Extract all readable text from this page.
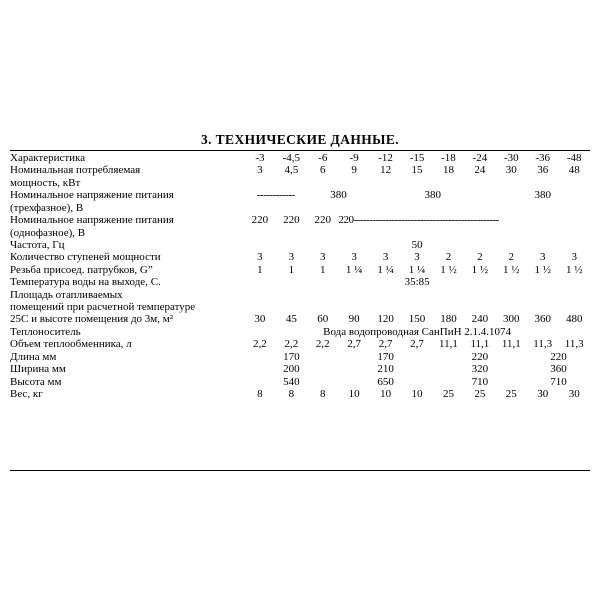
3. ТЕХНИЧЕСКИЕ ДАННЫЕ.
Характеристика	-3	-4,5	-6	-9	-12	-15	-18	-24	-30	-36	-48
Номинальная потребляемая
мощность, кВт	3	4,5	6	9	12	15	18	24	30	36	48
Номинальное напряжение питания
(трехфазное), В	------------		380		380				380		
Номинальное напряжение питания
(однофазное), В	220	220	220	220----------------------------------------------							
Частота, Гц	50										
Количество ступеней мощности	3	3	3	3	3	3	2	2	2	3	3
Резьба присоед. патрубков, G”	1	1	1	1 ¼	1 ¼	1 ¼	1 ½	1 ½	1 ½	1 ½	1 ½
Температура воды на выходе, С.	35:85										
Площадь отапливаемых
помещений при расчетной температуре
25С и высоте помещения до 3м, м²	30	45	60	90	120	150	180	240	300	360	480
Теплоноситель	Вода водопроводная СанПиН 2.1.4.1074										
Объем теплообменника, л	2,2	2,2	2,2	2,7	2,7	2,7	11,1	11,1	11,1	11,3	11,3
Длина мм	170			170			220			220	
Ширина мм	200			210			320			360	
Высота мм	540			650			710			710	
Вес, кг	8	8	8	10	10	10	25	25	25	30	30
